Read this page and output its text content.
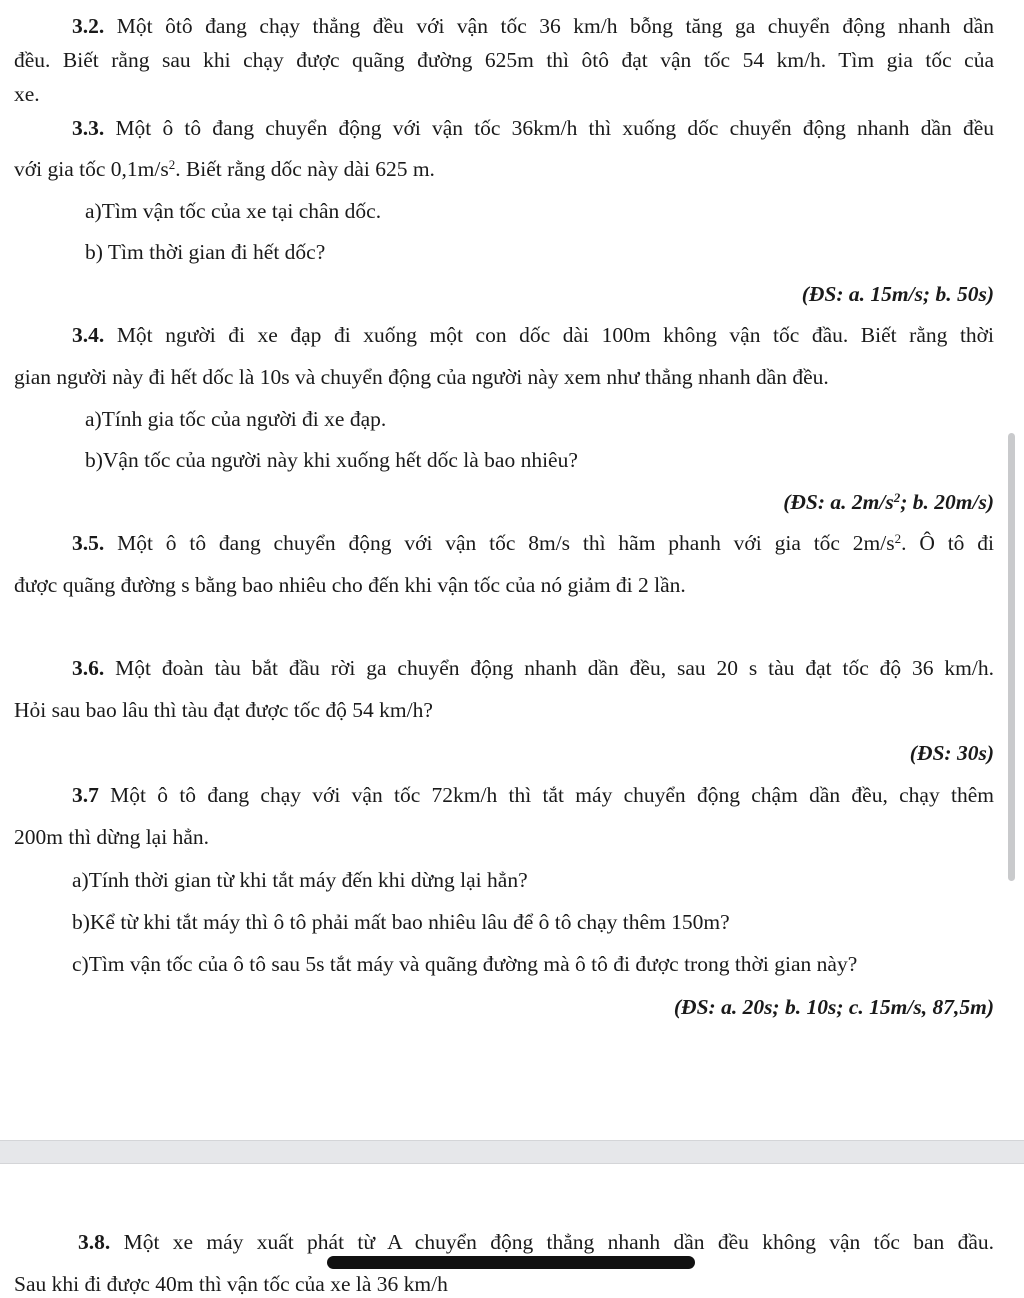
3.2. Một ôtô đang chạy thẳng đều với vận tốc 36 km/h bỗng tăng ga chuyển động nhanh dần

đều. Biết rằng sau khi chạy được quãng đường 625m thì ôtô đạt vận tốc 54 km/h. Tìm gia tốc của

xe.

3.3. Một ô tô đang chuyển động với vận tốc 36km/h thì xuống dốc chuyển động nhanh dần đều

với gia tốc $0,1m/s^2$. Biết rằng dốc này dài 625 m.

a)Tìm vận tốc của xe tại chân dốc.

b) Tìm thời gian đi hết dốc?

(ĐS: a. 15m/s; b. 50s)

3.4. Một người đi xe đạp đi xuống một con dốc dài 100m không vận tốc đầu. Biết rằng thời

gian người này đi hết dốc là 10s và chuyển động của người này xem như thẳng nhanh dần đều.

a)Tính gia tốc của người đi xe đạp.

b)Vận tốc của người này khi xuống hết dốc là bao nhiêu?

(ĐS: a. $2m/s^2$; b. 20m/s)

3.5. Một ô tô đang chuyển động với vận tốc 8m/s thì hãm phanh với gia tốc $2m/s^2$. Ô tô đi

được quãng đường s bằng bao nhiêu cho đến khi vận tốc của nó giảm đi 2 lần.

3.6. Một đoàn tàu bắt đầu rời ga chuyển động nhanh dần đều, sau 20 s tàu đạt tốc độ 36 km/h.

Hỏi sau bao lâu thì tàu đạt được tốc độ 54 km/h?

(ĐS: 30s)

3.7 Một ô tô đang chạy với vận tốc 72km/h thì tắt máy chuyển động chậm dần đều, chạy thêm

200m thì dừng lại hẳn.

a)Tính thời gian từ khi tắt máy đến khi dừng lại hẳn?

b)Kể từ khi tắt máy thì ô tô phải mất bao nhiêu lâu để ô tô chạy thêm 150m?

c)Tìm vận tốc của ô tô sau 5s tắt máy và quãng đường mà ô tô đi được trong thời gian này?

(ĐS: a. 20s; b. 10s; c. 15m/s, 87,5m)

3.8. Một xe máy xuất phát từ A chuyển động thẳng nhanh dần đều không vận tốc ban đầu.

Sau khi đi được 40m thì vận tốc của xe là 36 km/h
